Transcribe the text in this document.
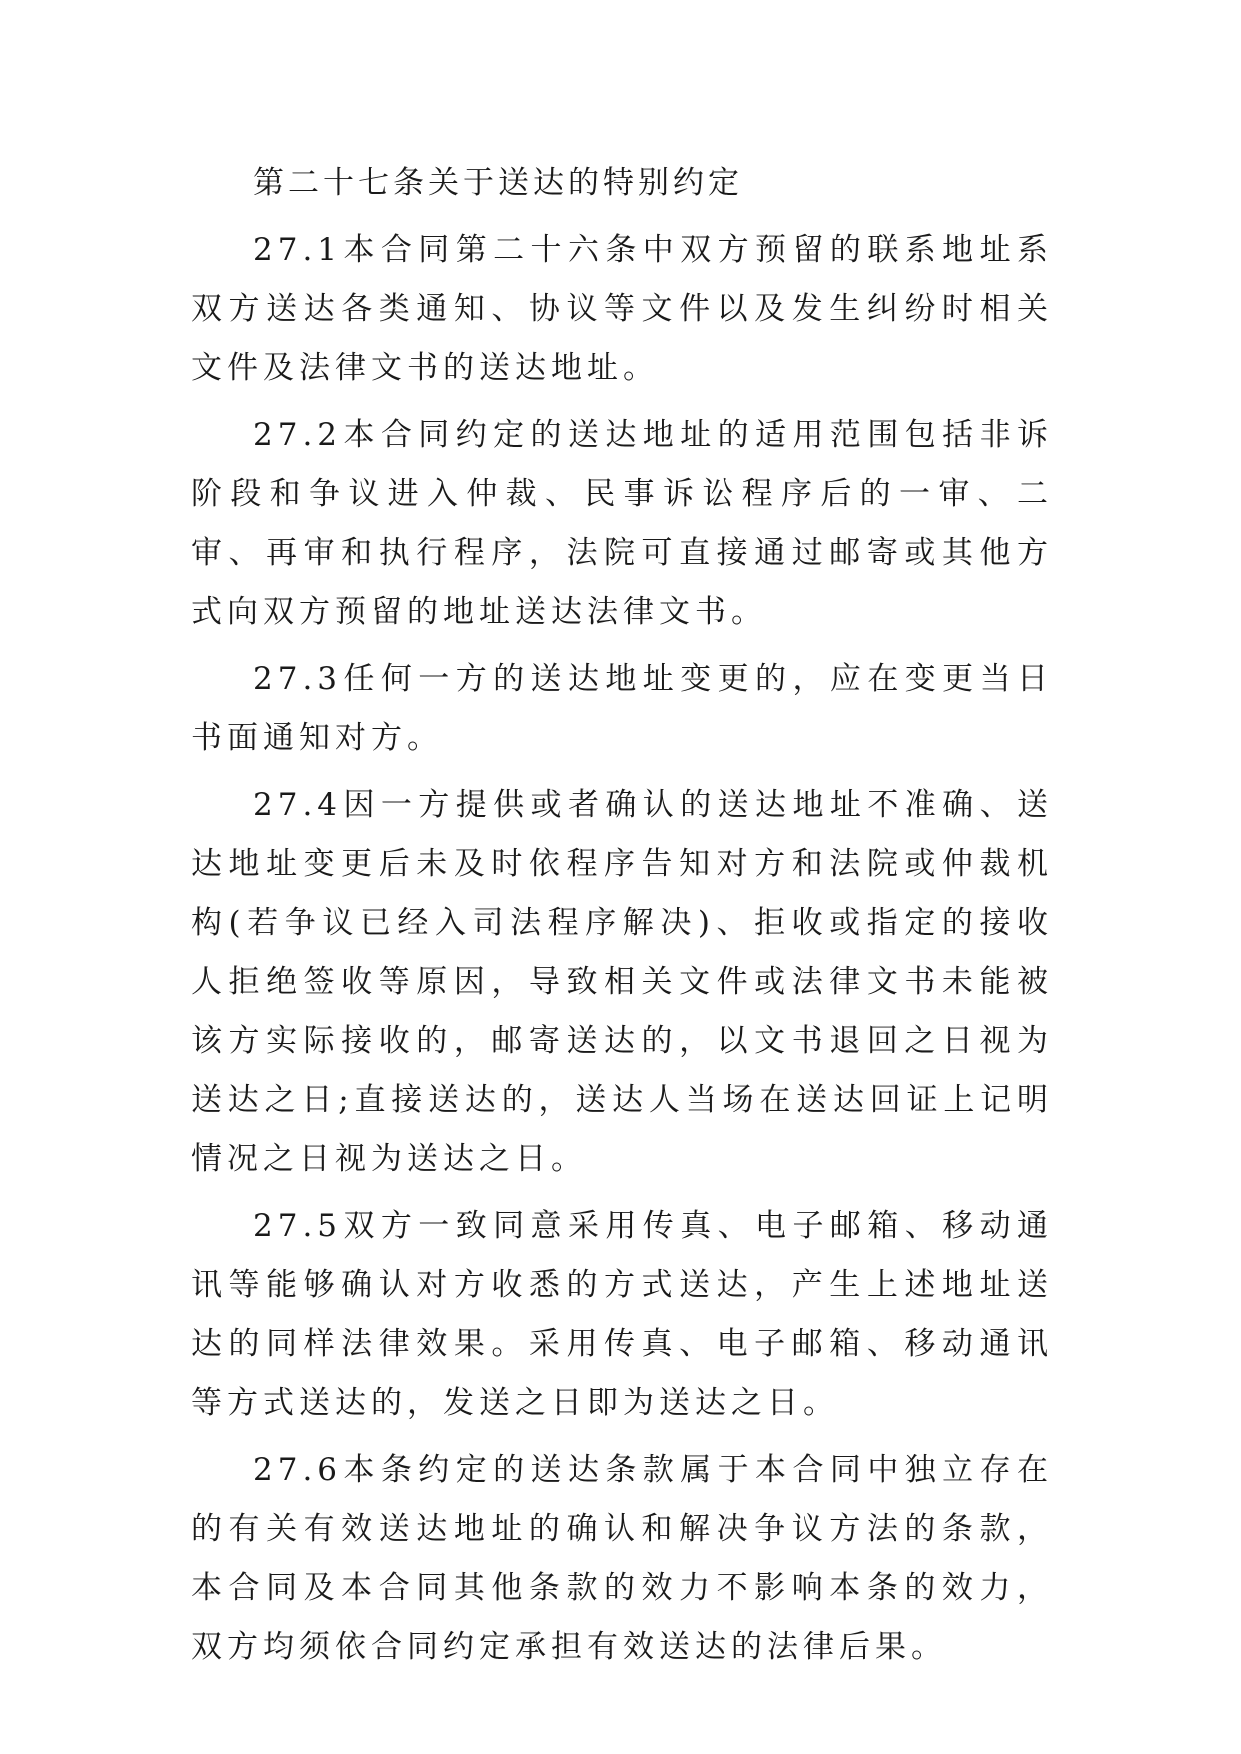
第二十七条关于送达的特别约定

27.1本合同第二十六条中双方预留的联系地址系双方送达各类通知、协议等文件以及发生纠纷时相关文件及法律文书的送达地址。

27.2本合同约定的送达地址的适用范围包括非诉阶段和争议进入仲裁、民事诉讼程序后的一审、二审、再审和执行程序，法院可直接通过邮寄或其他方式向双方预留的地址送达法律文书。

27.3任何一方的送达地址变更的，应在变更当日书面通知对方。

27.4因一方提供或者确认的送达地址不准确、送达地址变更后未及时依程序告知对方和法院或仲裁机构(若争议已经入司法程序解决)、拒收或指定的接收人拒绝签收等原因，导致相关文件或法律文书未能被该方实际接收的，邮寄送达的，以文书退回之日视为送达之日;直接送达的，送达人当场在送达回证上记明情况之日视为送达之日。

27.5双方一致同意采用传真、电子邮箱、移动通讯等能够确认对方收悉的方式送达，产生上述地址送达的同样法律效果。采用传真、电子邮箱、移动通讯等方式送达的，发送之日即为送达之日。

27.6本条约定的送达条款属于本合同中独立存在的有关有效送达地址的确认和解决争议方法的条款，本合同及本合同其他条款的效力不影响本条的效力，双方均须依合同约定承担有效送达的法律后果。
